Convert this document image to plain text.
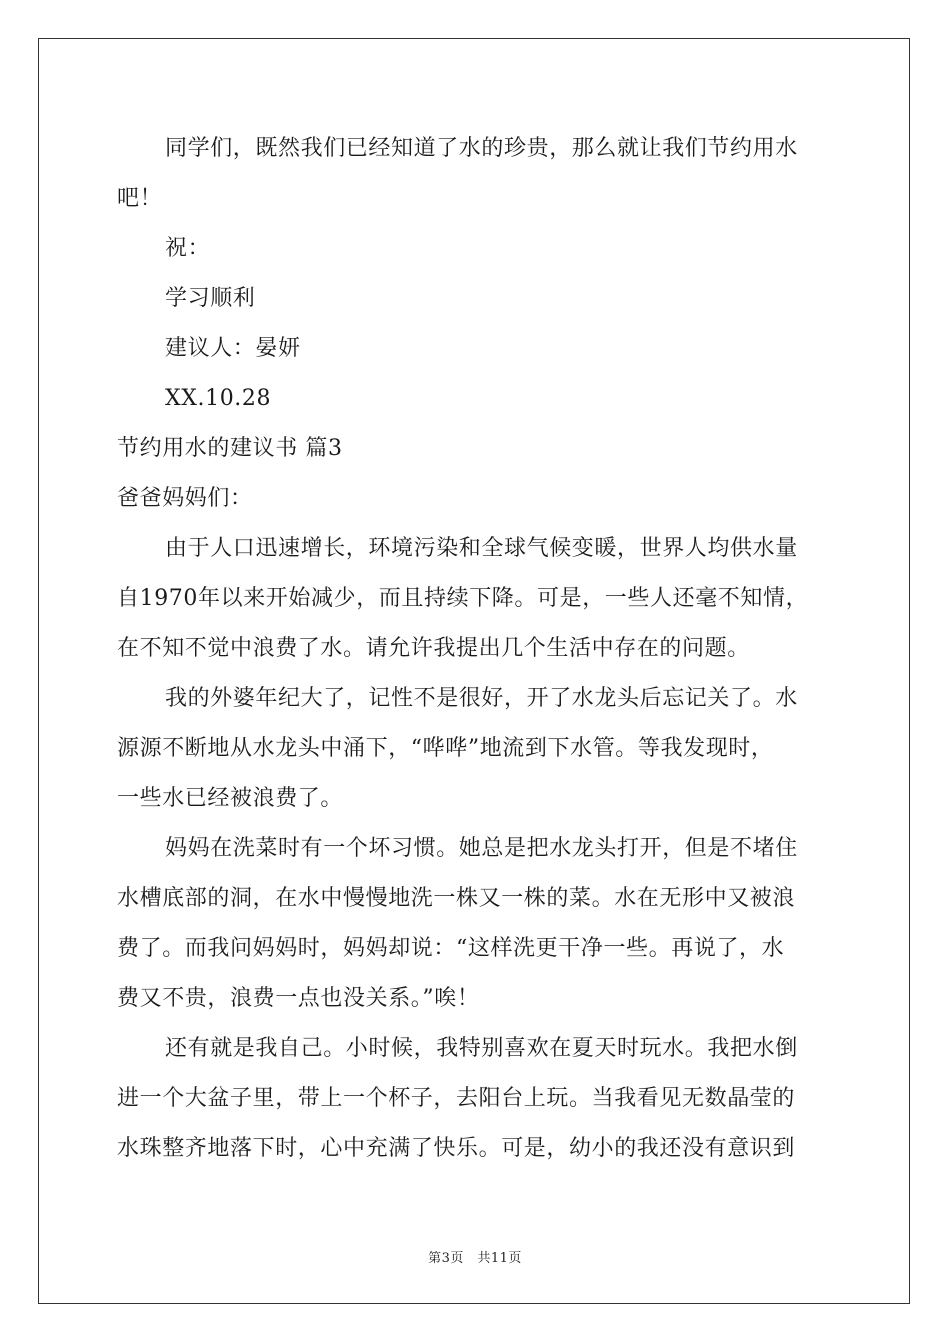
同学们，既然我们已经知道了水的珍贵，那么就让我们节约用水
吧！
祝：
学习顺利
建议人：晏妍
XX.10.28
节约用水的建议书 篇3
爸爸妈妈们：
由于人口迅速增长，环境污染和全球气候变暖，世界人均供水量
自1970年以来开始减少，而且持续下降。可是，一些人还毫不知情，
在不知不觉中浪费了水。请允许我提出几个生活中存在的问题。
我的外婆年纪大了，记性不是很好，开了水龙头后忘记关了。水
源源不断地从水龙头中涌下，“哗哗”地流到下水管。等我发现时，
一些水已经被浪费了。
妈妈在洗菜时有一个坏习惯。她总是把水龙头打开，但是不堵住
水槽底部的洞，在水中慢慢地洗一株又一株的菜。水在无形中又被浪
费了。而我问妈妈时，妈妈却说：“这样洗更干净一些。再说了，水
费又不贵，浪费一点也没关系。”唉！
还有就是我自己。小时候，我特别喜欢在夏天时玩水。我把水倒
进一个大盆子里，带上一个杯子，去阳台上玩。当我看见无数晶莹的
水珠整齐地落下时，心中充满了快乐。可是，幼小的我还没有意识到
第3页　共11页
